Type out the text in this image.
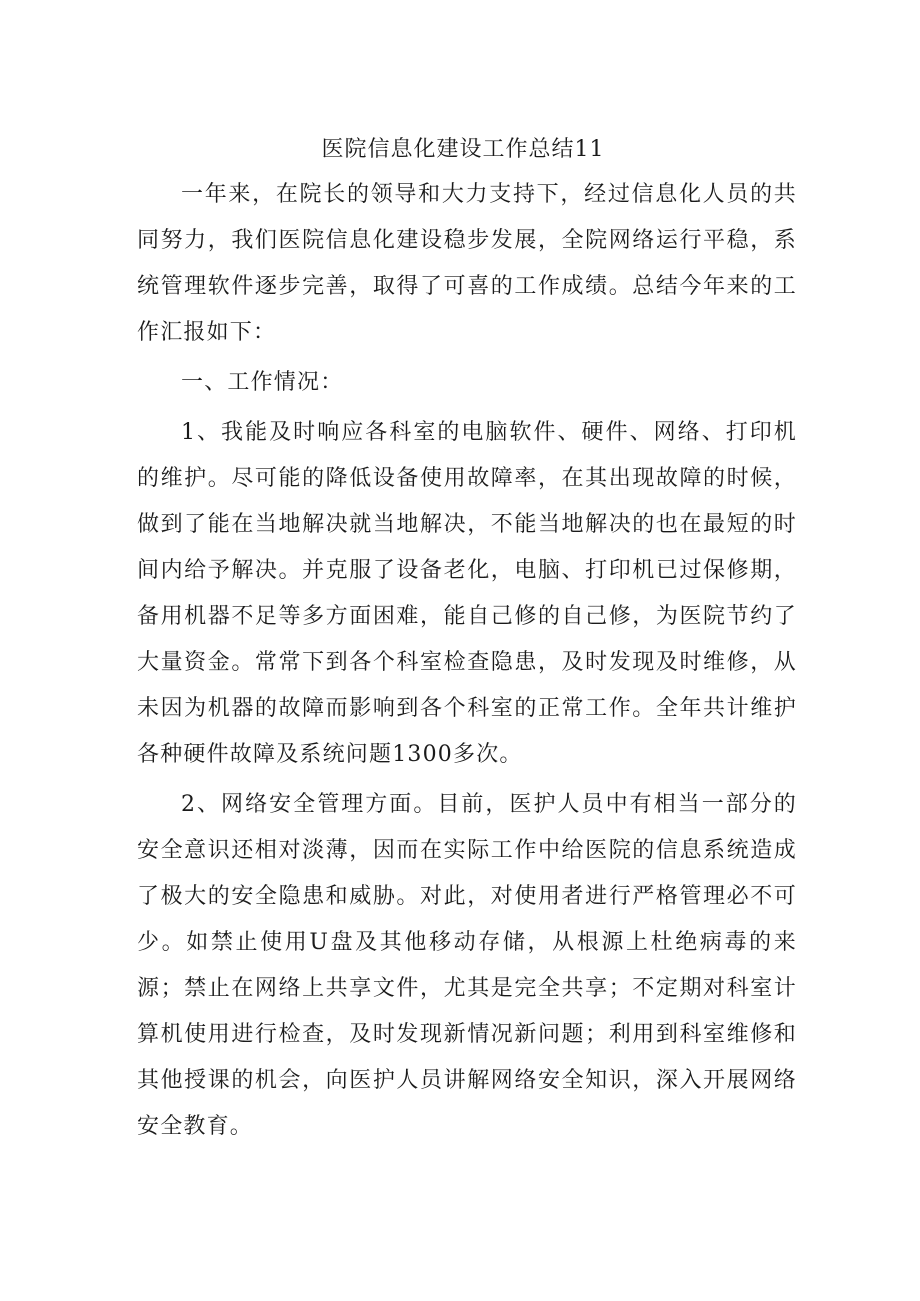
医院信息化建设工作总结11

一年来，在院长的领导和大力支持下，经过信息化人员的共同努力，我们医院信息化建设稳步发展，全院网络运行平稳，系统管理软件逐步完善，取得了可喜的工作成绩。总结今年来的工作汇报如下：

一、工作情况：

1、我能及时响应各科室的电脑软件、硬件、网络、打印机的维护。尽可能的降低设备使用故障率，在其出现故障的时候，做到了能在当地解决就当地解决，不能当地解决的也在最短的时间内给予解决。并克服了设备老化，电脑、打印机已过保修期，备用机器不足等多方面困难，能自己修的自己修，为医院节约了大量资金。常常下到各个科室检查隐患，及时发现及时维修，从未因为机器的故障而影响到各个科室的正常工作。全年共计维护各种硬件故障及系统问题1300多次。

2、网络安全管理方面。目前，医护人员中有相当一部分的安全意识还相对淡薄，因而在实际工作中给医院的信息系统造成了极大的安全隐患和威胁。对此，对使用者进行严格管理必不可少。如禁止使用U盘及其他移动存储，从根源上杜绝病毒的来源；禁止在网络上共享文件，尤其是完全共享；不定期对科室计算机使用进行检查，及时发现新情况新问题；利用到科室维修和其他授课的机会，向医护人员讲解网络安全知识，深入开展网络安全教育。
